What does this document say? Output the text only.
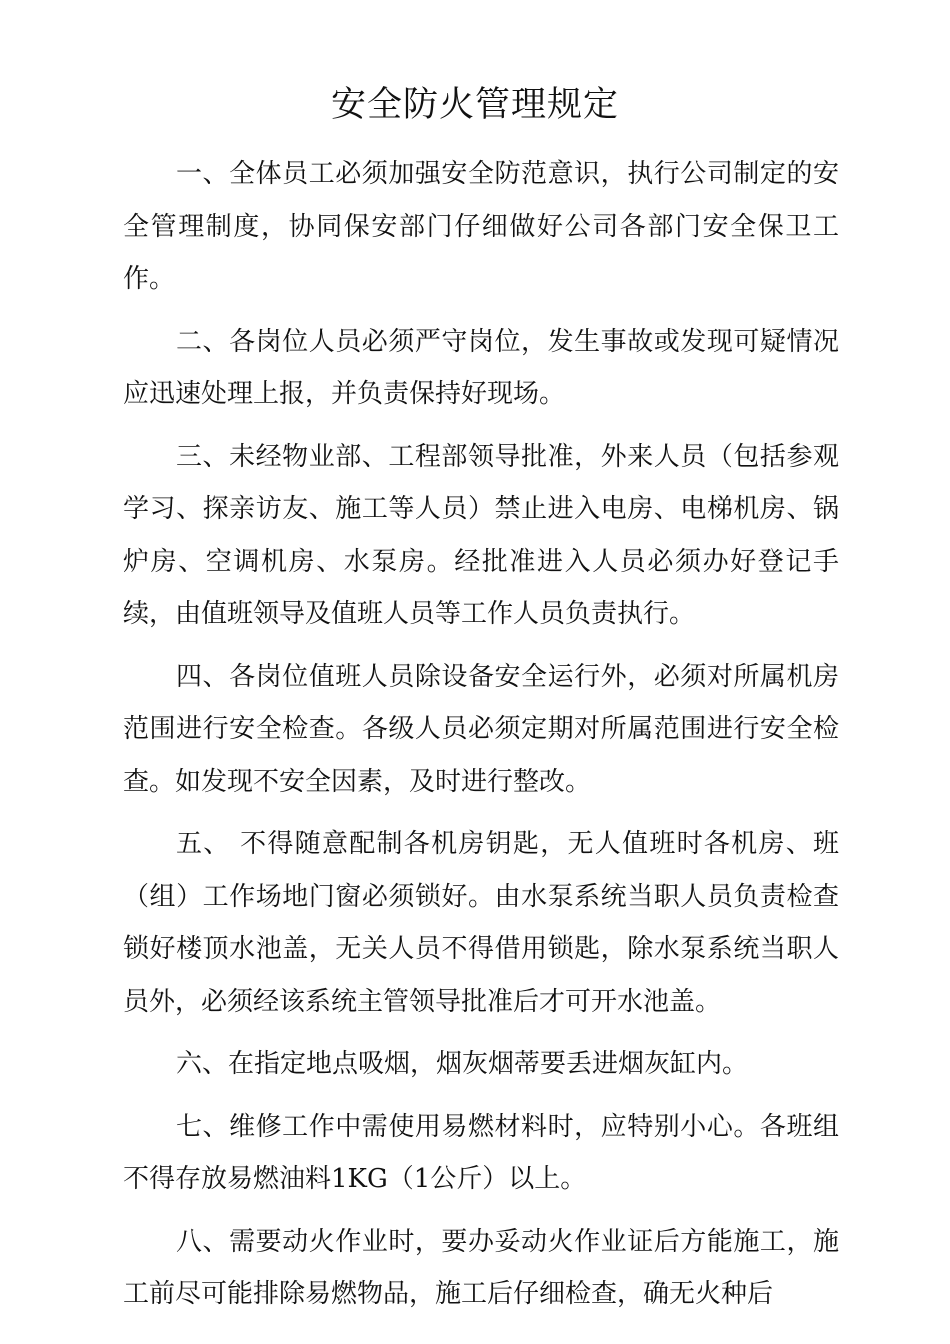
安全防火管理规定

一、全体员工必须加强安全防范意识，执行公司制定的安全管理制度，协同保安部门仔细做好公司各部门安全保卫工作。

二、各岗位人员必须严守岗位，发生事故或发现可疑情况应迅速处理上报，并负责保持好现场。

三、未经物业部、工程部领导批准，外来人员（包括参观学习、探亲访友、施工等人员）禁止进入电房、电梯机房、锅炉房、空调机房、水泵房。经批准进入人员必须办好登记手续，由值班领导及值班人员等工作人员负责执行。

四、各岗位值班人员除设备安全运行外，必须对所属机房范围进行安全检查。各级人员必须定期对所属范围进行安全检查。如发现不安全因素，及时进行整改。

五、 不得随意配制各机房钥匙，无人值班时各机房、班（组）工作场地门窗必须锁好。由水泵系统当职人员负责检查锁好楼顶水池盖，无关人员不得借用锁匙，除水泵系统当职人员外，必须经该系统主管领导批准后才可开水池盖。

六、在指定地点吸烟，烟灰烟蒂要丢进烟灰缸内。

七、维修工作中需使用易燃材料时，应特别小心。各班组不得存放易燃油料1KG（1公斤）以上。

八、需要动火作业时，要办妥动火作业证后方能施工，施工前尽可能排除易燃物品，施工后仔细检查，确无火种后
